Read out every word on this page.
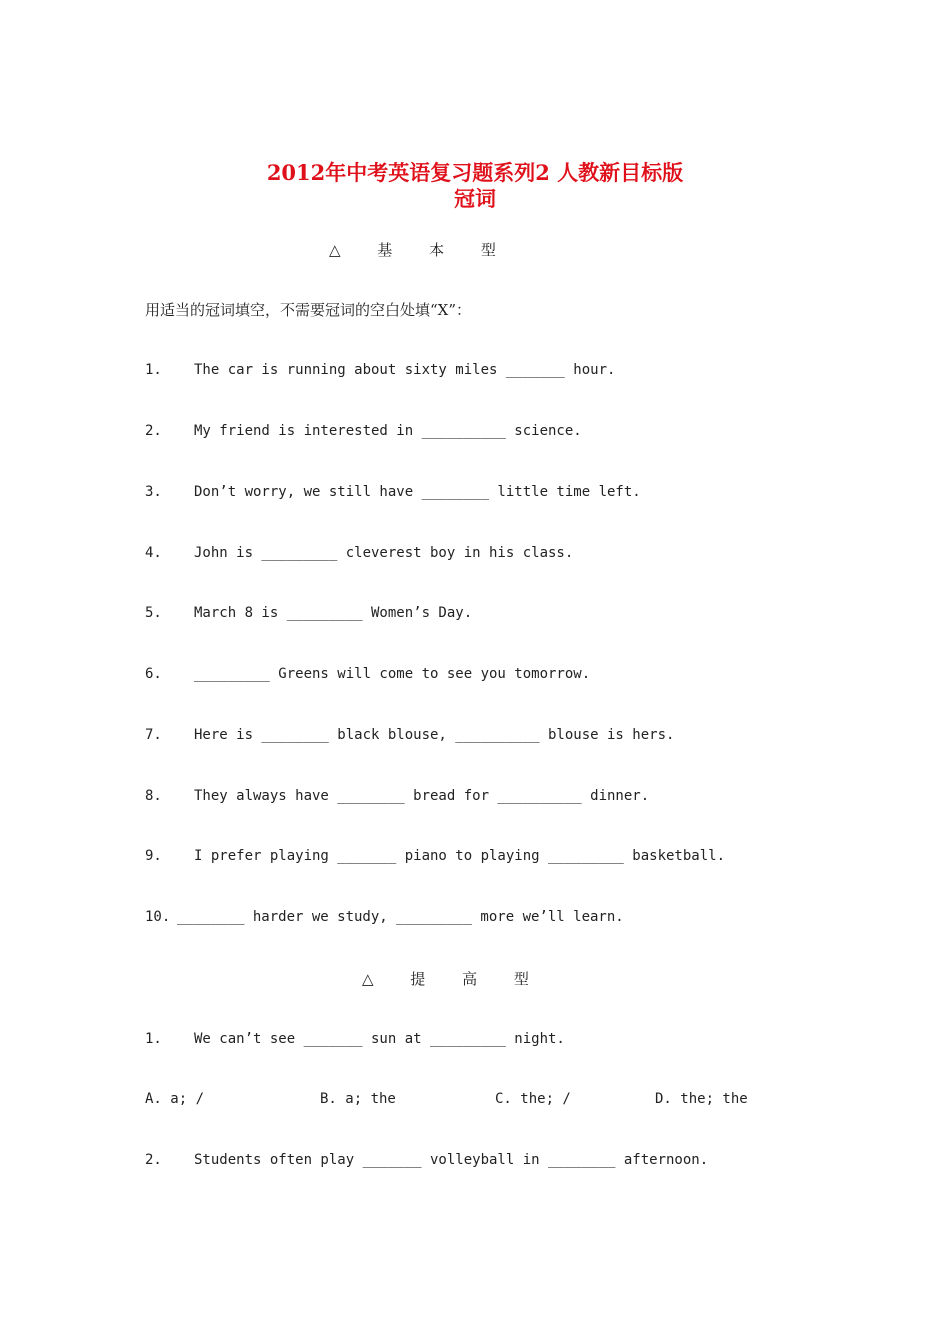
2012年中考英语复习题系列2 人教新目标版
冠词
△ 基 本 型
用适当的冠词填空，不需要冠词的空白处填“X”：
1. The car is running about sixty miles _______ hour.
2. My friend is interested in __________ science.
3. Don’t worry, we still have ________ little time left.
4. John is _________ cleverest boy in his class.
5. March 8 is _________ Women’s Day.
6. _________ Greens will come to see you tomorrow.
7. Here is ________ black blouse, __________ blouse is hers.
8. They always have ________ bread for __________ dinner.
9. I prefer playing _______ piano to playing _________ basketball.
10. ________ harder we study, _________ more we’ll learn.
△ 提 高 型
1. We can’t see _______ sun at _________ night.
A. a; /	B. a; the	C. the; /	D. the; the
2. Students often play _______ volleyball in ________ afternoon.
